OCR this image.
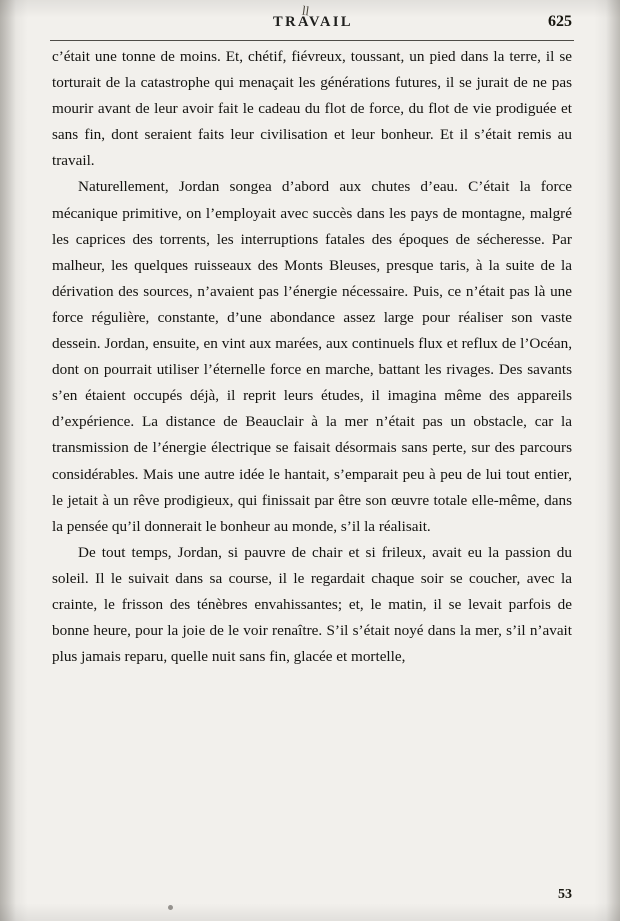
ll
TRAVAIL	625

c’était une tonne de moins. Et, chétif, fiévreux, toussant, un pied dans la terre, il se torturait de la catastrophe qui menaçait les générations futures, il se jurait de ne pas mourir avant de leur avoir fait le cadeau du flot de force, du flot de vie prodiguée et sans fin, dont seraient faits leur civilisation et leur bonheur. Et il s’était remis au travail.

Naturellement, Jordan songea d’abord aux chutes d’eau. C’était la force mécanique primitive, on l’employait avec succès dans les pays de montagne, malgré les caprices des torrents, les interruptions fatales des époques de sécheresse. Par malheur, les quelques ruisseaux des Monts Bleuses, presque taris, à la suite de la dérivation des sources, n’avaient pas l’énergie nécessaire. Puis, ce n’était pas là une force régulière, constante, d’une abondance assez large pour réaliser son vaste dessein. Jordan, ensuite, en vint aux marées, aux continuels flux et reflux de l’Océan, dont on pourrait utiliser l’éternelle force en marche, battant les rivages. Des savants s’en étaient occupés déjà, il reprit leurs études, il imagina même des appareils d’expérience. La distance de Beauclair à la mer n’était pas un obstacle, car la transmission de l’énergie électrique se faisait désormais sans perte, sur des parcours considérables. Mais une autre idée le hantait, s’emparait peu à peu de lui tout entier, le jetait à un rêve prodigieux, qui finissait par être son œuvre totale elle-même, dans la pensée qu’il donnerait le bonheur au monde, s’il la réalisait.

De tout temps, Jordan, si pauvre de chair et si frileux, avait eu la passion du soleil. Il le suivait dans sa course, il le regardait chaque soir se coucher, avec la crainte, le frisson des ténèbres envahissantes; et, le matin, il se levait parfois de bonne heure, pour la joie de le voir renaître. S’il s’était noyé dans la mer, s’il n’avait plus jamais reparu, quelle nuit sans fin, glacée et mortelle,

53
